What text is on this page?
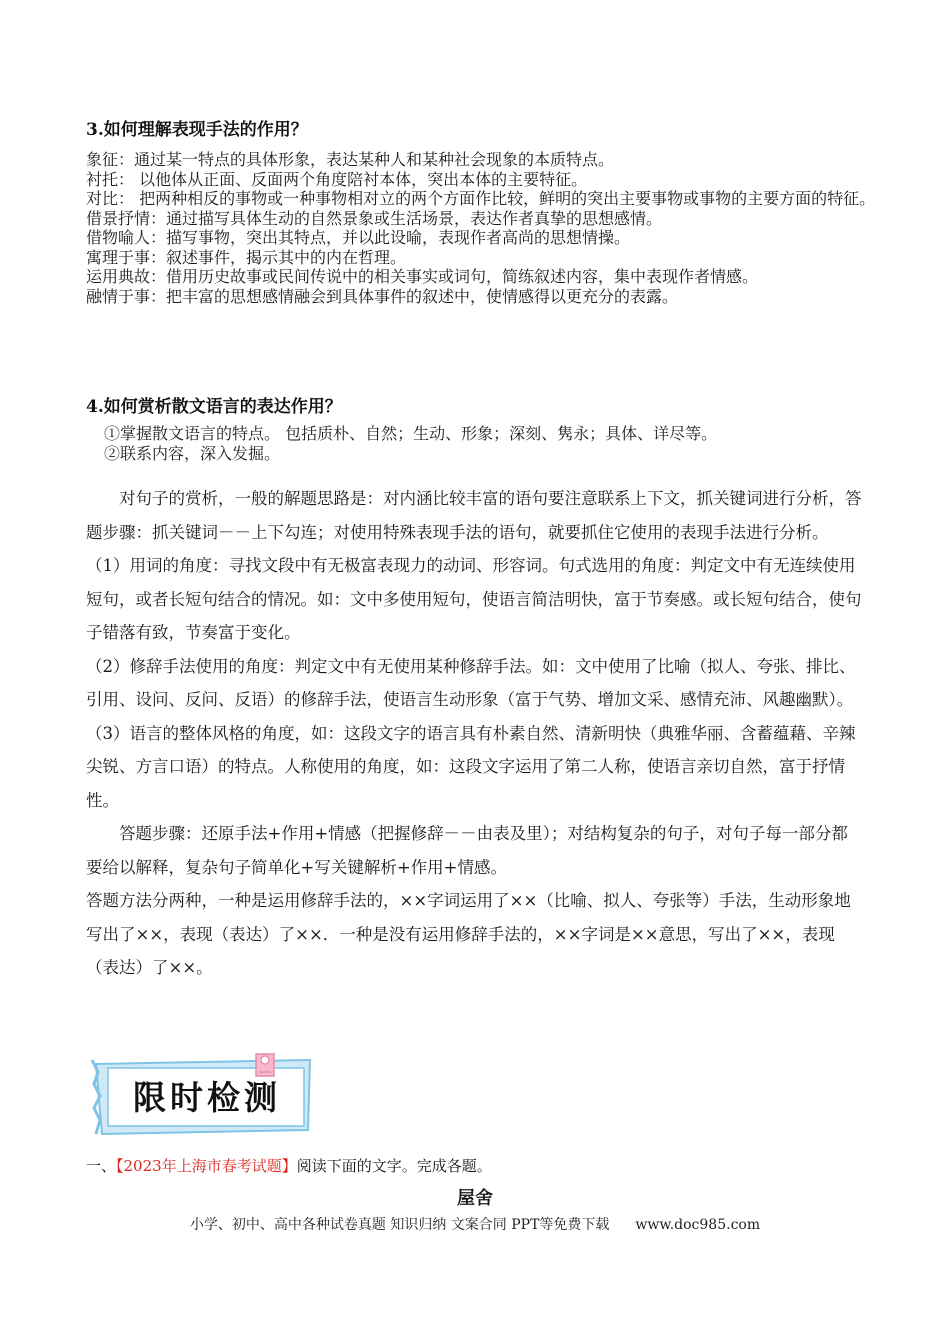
3.如何理解表现手法的作用？
象征：通过某一特点的具体形象，表达某种人和某种社会现象的本质特点。
衬托： 以他体从正面、反面两个角度陪衬本体，突出本体的主要特征。
对比： 把两种相反的事物或一种事物相对立的两个方面作比较，鲜明的突出主要事物或事物的主要方面的特征。
借景抒情：通过描写具体生动的自然景象或生活场景，表达作者真挚的思想感情。
借物喻人：描写事物，突出其特点，并以此设喻，表现作者高尚的思想情操。
寓理于事：叙述事件，揭示其中的内在哲理。
运用典故：借用历史故事或民间传说中的相关事实或词句，简练叙述内容，集中表现作者情感。
融情于事：把丰富的思想感情融会到具体事件的叙述中，使情感得以更充分的表露。
4.如何赏析散文语言的表达作用？
①掌握散文语言的特点。 包括质朴、自然；生动、形象；深刻、隽永；具体、详尽等。
②联系内容，深入发掘。

对句子的赏析，一般的解题思路是：对内涵比较丰富的语句要注意联系上下文，抓关键词进行分析，答题步骤：抓关键词－－上下勾连；对使用特殊表现手法的语句，就要抓住它使用的表现手法进行分析。

（1）用词的角度：寻找文段中有无极富表现力的动词、形容词。句式选用的角度：判定文中有无连续使用短句，或者长短句结合的情况。如：文中多使用短句，使语言简洁明快，富于节奏感。或长短句结合，使句子错落有致，节奏富于变化。

（2）修辞手法使用的角度：判定文中有无使用某种修辞手法。如：文中使用了比喻（拟人、夸张、排比、引用、设问、反问、反语）的修辞手法，使语言生动形象（富于气势、增加文采、感情充沛、风趣幽默）。

（3）语言的整体风格的角度，如：这段文字的语言具有朴素自然、清新明快（典雅华丽、含蓄蕴藉、辛辣尖锐、方言口语）的特点。人称使用的角度，如：这段文字运用了第二人称，使语言亲切自然，富于抒情性。

答题步骤：还原手法+作用+情感（把握修辞－－由表及里）；对结构复杂的句子，对句子每一部分都要给以解释，复杂句子简单化+写关键解析+作用+情感。

答题方法分两种，一种是运用修辞手法的，××字词运用了××（比喻、拟人、夸张等）手法，生动形象地写出了××，表现（表达）了××．一种是没有运用修辞手法的，××字词是××意思，写出了××，表现（表达）了××。

限时检测
一、【2023年上海市春考试题】阅读下面的文字。完成各题。
屋舍
小学、初中、高中各种试卷真题 知识归纳 文案合同 PPT等免费下载 www.doc985.com
